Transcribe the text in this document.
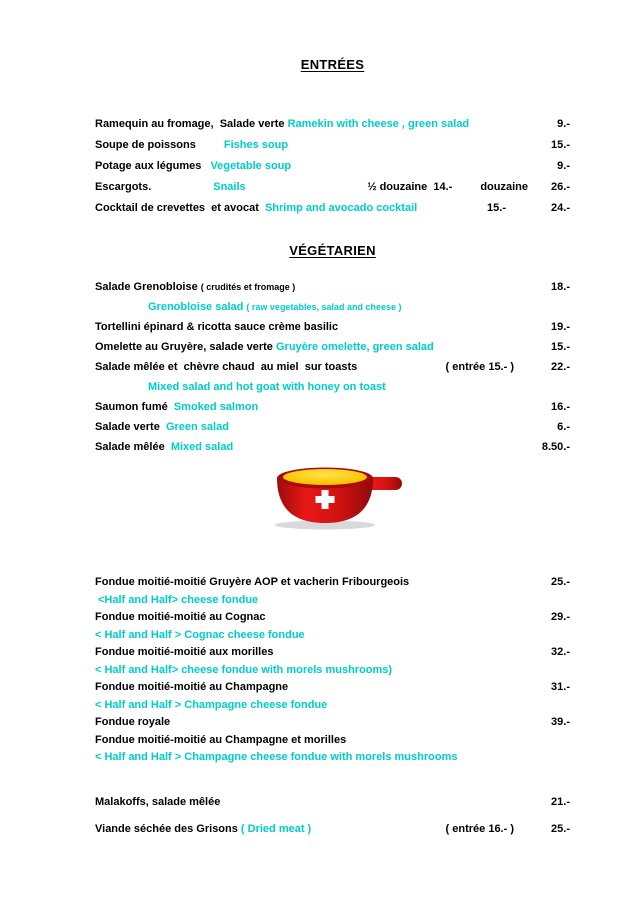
ENTRÉES
Ramequin au fromage,  Salade verte Ramekin with cheese , green salad	9.-
Soupe de poissons	Fishes soup	15.-
Potage aux légumes Vegetable soup	9.-
Escargots.	Snails	½ douzaine  14.-	douzaine	26.-
Cocktail de crevettes  et avocat Shrimp and avocado cocktail	15.-	24.-
VÉGÉTARIEN
Salade Grenobloise ( crudités et fromage )	18.-
Grenobloise salad ( raw vegetables, salad and cheese )
Tortellini épinard & ricotta sauce crème basilic	19.-
Omelette au Gruyère, salade verte Gruyère omelette, green salad	15.-
Salade mêlée et  chèvre chaud  au miel  sur toasts	( entrée 15.- )	22.-
Mixed salad and hot goat with honey on toast
Saumon fumé Smoked salmon	16.-
Salade verte Green salad	6.-
Salade mêlée Mixed salad	8.50.-
Fondue moitié-moitié Gruyère AOP et vacherin Fribourgeois	25.-
<Half and Half> cheese fondue
Fondue moitié-moitié au Cognac	29.-
< Half and Half > Cognac cheese fondue
Fondue moitié-moitié aux morilles	32.-
< Half and Half> cheese fondue with morels mushrooms)
Fondue moitié-moitié au Champagne	31.-
< Half and Half > Champagne cheese fondue
Fondue royale	39.-
Fondue moitié-moitié au Champagne et morilles
< Half and Half > Champagne cheese fondue with morels mushrooms
Malakoffs, salade mêlée	21.-
Viande séchée des Grisons ( Dried meat )	( entrée 16.- )	25.-
